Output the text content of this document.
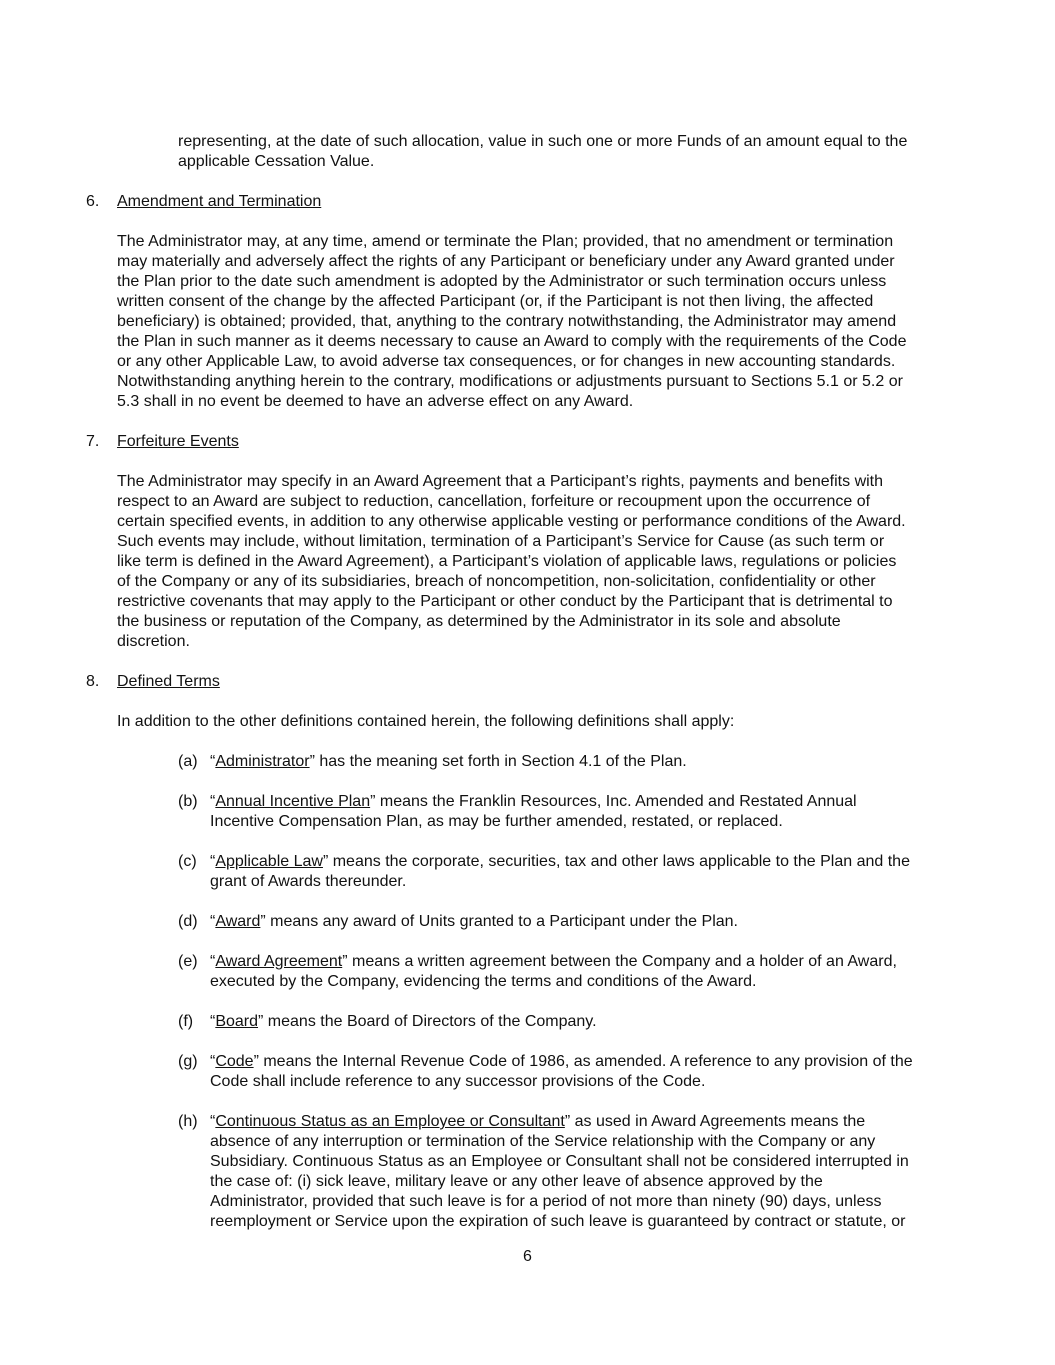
representing, at the date of such allocation, value in such one or more Funds of an amount equal to the
applicable Cessation Value.
6. Amendment and Termination
The Administrator may, at any time, amend or terminate the Plan; provided, that no amendment or termination
may materially and adversely affect the rights of any Participant or beneficiary under any Award granted under
the Plan prior to the date such amendment is adopted by the Administrator or such termination occurs unless
written consent of the change by the affected Participant (or, if the Participant is not then living, the affected
beneficiary) is obtained; provided, that, anything to the contrary notwithstanding, the Administrator may amend
the Plan in such manner as it deems necessary to cause an Award to comply with the requirements of the Code
or any other Applicable Law, to avoid adverse tax consequences, or for changes in new accounting standards.
Notwithstanding anything herein to the contrary, modifications or adjustments pursuant to Sections 5.1 or 5.2 or
5.3 shall in no event be deemed to have an adverse effect on any Award.
7. Forfeiture Events
The Administrator may specify in an Award Agreement that a Participant’s rights, payments and benefits with
respect to an Award are subject to reduction, cancellation, forfeiture or recoupment upon the occurrence of
certain specified events, in addition to any otherwise applicable vesting or performance conditions of the Award.
Such events may include, without limitation, termination of a Participant’s Service for Cause (as such term or
like term is defined in the Award Agreement), a Participant’s violation of applicable laws, regulations or policies
of the Company or any of its subsidiaries, breach of noncompetition, non-solicitation, confidentiality or other
restrictive covenants that may apply to the Participant or other conduct by the Participant that is detrimental to
the business or reputation of the Company, as determined by the Administrator in its sole and absolute
discretion.
8. Defined Terms
In addition to the other definitions contained herein, the following definitions shall apply:
(a) “Administrator” has the meaning set forth in Section 4.1 of the Plan.
(b) “Annual Incentive Plan” means the Franklin Resources, Inc. Amended and Restated Annual
Incentive Compensation Plan, as may be further amended, restated, or replaced.
(c) “Applicable Law” means the corporate, securities, tax and other laws applicable to the Plan and the
grant of Awards thereunder.
(d) “Award” means any award of Units granted to a Participant under the Plan.
(e) “Award Agreement” means a written agreement between the Company and a holder of an Award,
executed by the Company, evidencing the terms and conditions of the Award.
(f) “Board” means the Board of Directors of the Company.
(g) “Code” means the Internal Revenue Code of 1986, as amended. A reference to any provision of the
Code shall include reference to any successor provisions of the Code.
(h) “Continuous Status as an Employee or Consultant” as used in Award Agreements means the
absence of any interruption or termination of the Service relationship with the Company or any
Subsidiary. Continuous Status as an Employee or Consultant shall not be considered interrupted in
the case of: (i) sick leave, military leave or any other leave of absence approved by the
Administrator, provided that such leave is for a period of not more than ninety (90) days, unless
reemployment or Service upon the expiration of such leave is guaranteed by contract or statute, or
6
